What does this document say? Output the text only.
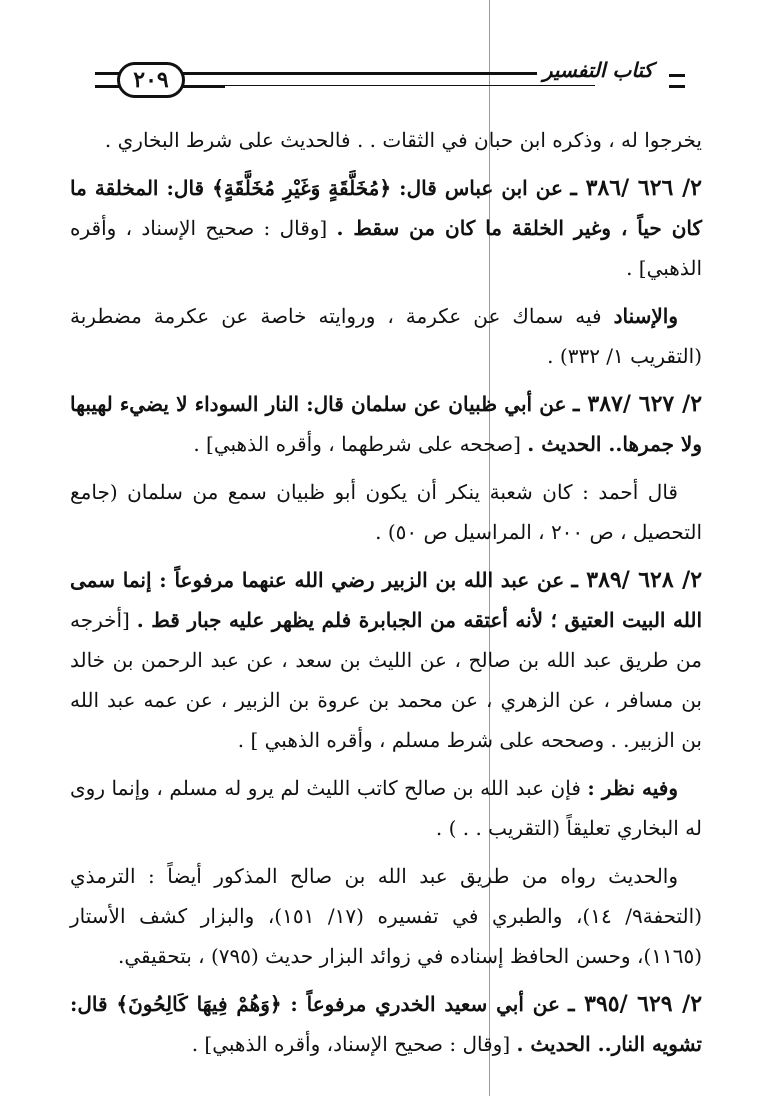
٢٠٩	كتاب التفسير

يخرجوا له ، وذكره ابن حبان في الثقات . . فالحديث على شرط البخاري .

٢/ ٦٢٦ /٣٨٦ ـ عن ابن عباس قال: ﴿مُخَلَّقَةٍ وَغَيْرِ مُخَلَّقَةٍ﴾ قال: المخلقة ما كان حياً ، وغير الخلقة ما كان من سقط . [وقال : صحيح الإسناد ، وأقره الذهبي] .

والإسناد فيه سماك عن عكرمة ، وروايته خاصة عن عكرمة مضطربة (التقريب ١/ ٣٣٢) .

٢/ ٦٢٧ /٣٨٧ ـ عن أبي ظبيان عن سلمان قال: النار السوداء لا يضيء لهيبها ولا جمرها.. الحديث . [صححه على شرطهما ، وأقره الذهبي] .

قال أحمد : كان شعبة ينكر أن يكون أبو ظبيان سمع من سلمان (جامع التحصيل ، ص ٢٠٠ ، المراسيل ص ٥٠) .

٢/ ٦٢٨ /٣٨٩ ـ عن عبد الله بن الزبير رضي الله عنهما مرفوعاً : إنما سمى الله البيت العتيق ؛ لأنه أعتقه من الجبابرة فلم يظهر عليه جبار قط . [أخرجه من طريق عبد الله بن صالح ، عن الليث بن سعد ، عن عبد الرحمن بن خالد بن مسافر ، عن الزهري ، عن محمد بن عروة بن الزبير ، عن عمه عبد الله بن الزبير. . وصححه على شرط مسلم ، وأقره الذهبي ] .

وفيه نظر : فإن عبد الله بن صالح كاتب الليث لم يرو له مسلم ، وإنما روى له البخاري تعليقاً (التقريب . . ) .

والحديث رواه من طريق عبد الله بن صالح المذكور أيضاً : الترمذي (التحفة٩/ ١٤)، والطبري في تفسيره (١٧/ ١٥١)، والبزار كشف الأستار (١١٦٥)، وحسن الحافظ إسناده في زوائد البزار حديث (٧٩٥) ، بتحقيقي.

٢/ ٦٢٩ /٣٩٥ ـ عن أبي سعيد الخدري مرفوعاً : ﴿وَهُمْ فِيهَا كَالِحُونَ﴾ قال: تشويه النار.. الحديث . [وقال : صحيح الإسناد، وأقره الذهبي] .
